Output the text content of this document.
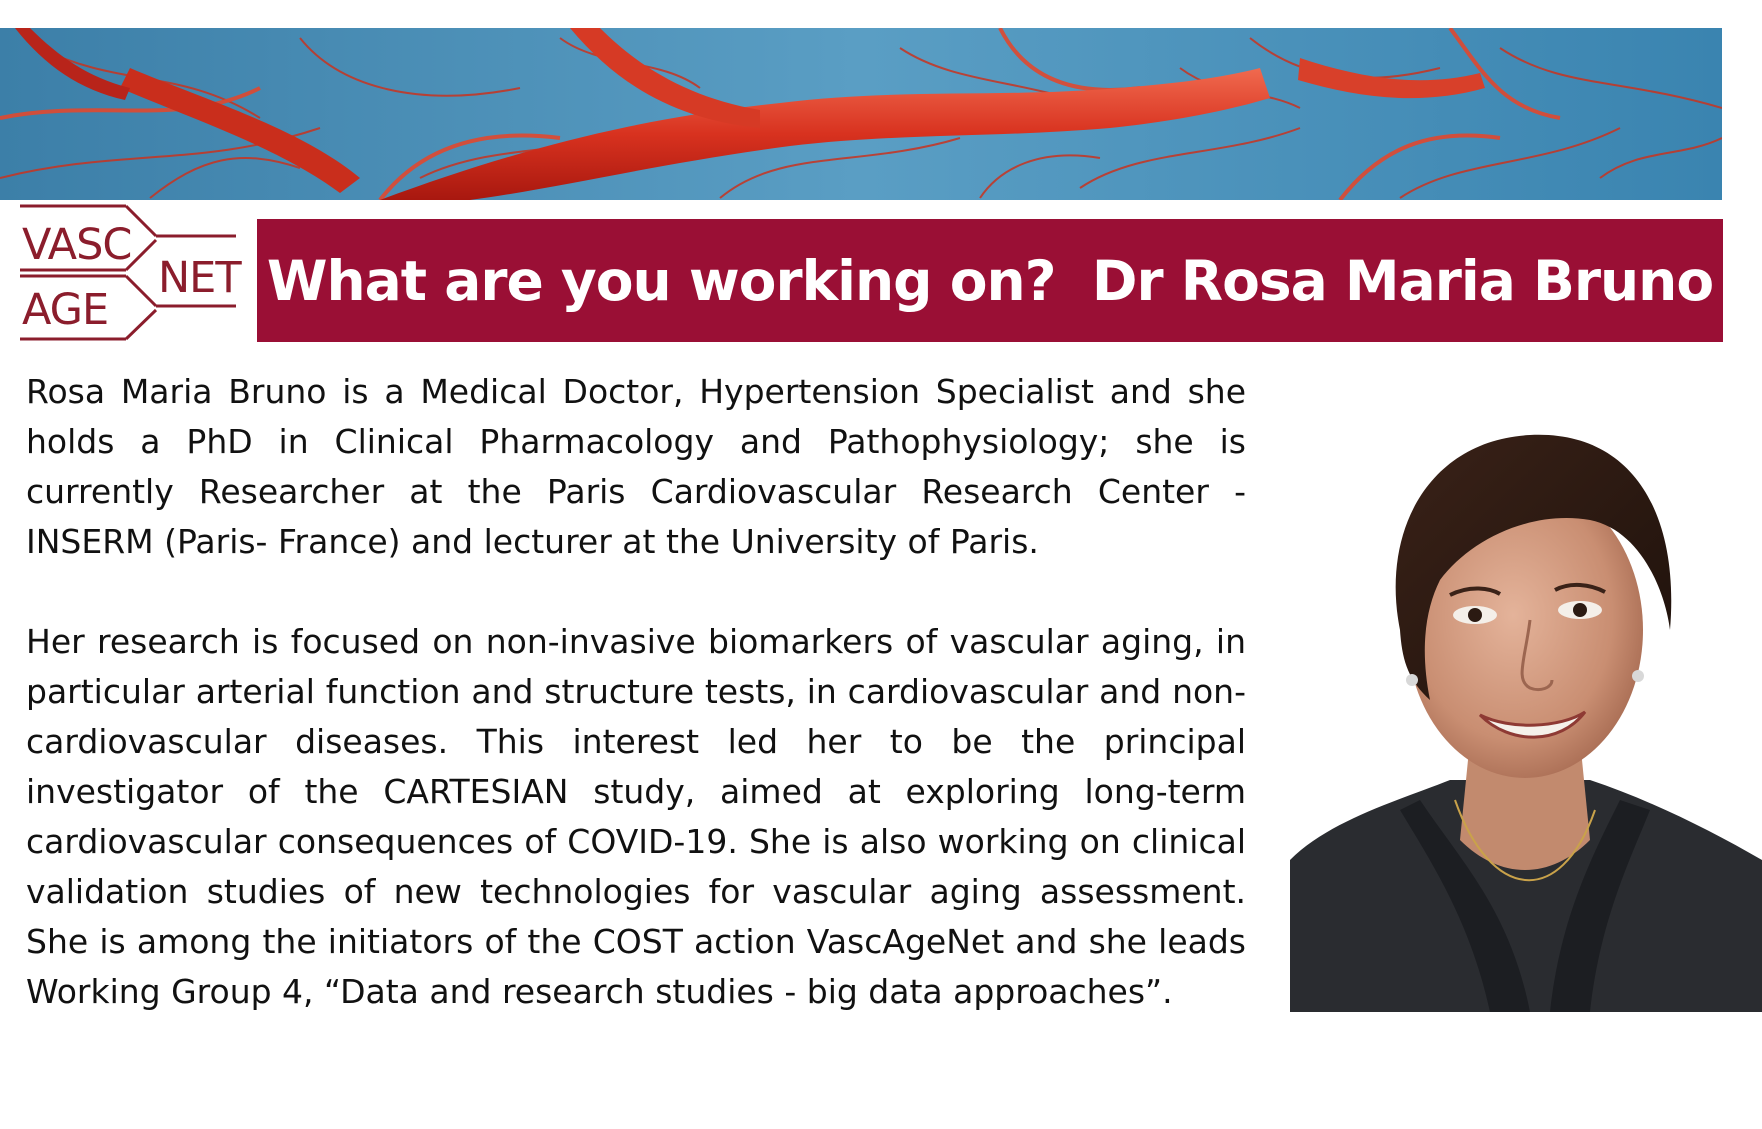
VASC
AGE
NET What are you working on?  Dr Rosa Maria Bruno

Rosa Maria Bruno is a Medical Doctor, Hypertension Specialist and she holds a PhD in Clinical Pharmacology and Pathophysiology; she is currently Researcher at the Paris Cardiovascular Research Center - INSERM (Paris- France) and lecturer at the University of Paris.

Her research is focused on non-invasive biomarkers of vascular aging, in particular arterial function and structure tests, in cardiovascular and non-cardiovascular diseases. This interest led her to be the principal investigator of the CARTESIAN study, aimed at exploring long-term cardiovascular consequences of COVID-19. She is also working on clinical validation studies of new technologies for vascular aging assessment. She is among the initiators of the COST action VascAgeNet and she leads Working Group 4, “Data and research studies - big data approaches”.
